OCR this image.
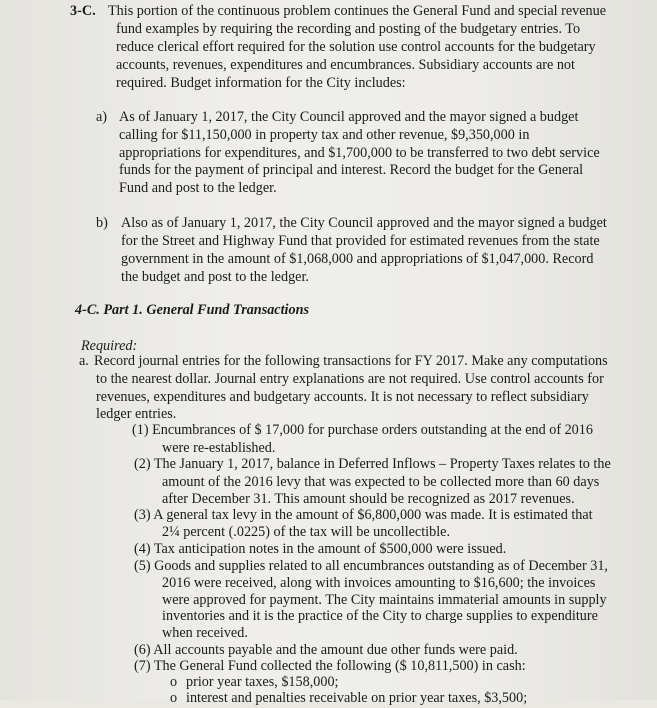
3-C. This portion of the continuous problem continues the General Fund and special revenue
fund examples by requiring the recording and posting of the budgetary entries. To
reduce clerical effort required for the solution use control accounts for the budgetary
accounts, revenues, expenditures and encumbrances. Subsidiary accounts are not
required. Budget information for the City includes:
a) As of January 1, 2017, the City Council approved and the mayor signed a budget
calling for $11,150,000 in property tax and other revenue, $9,350,000 in
appropriations for expenditures, and $1,700,000 to be transferred to two debt service
funds for the payment of principal and interest. Record the budget for the General
Fund and post to the ledger.
b) Also as of January 1, 2017, the City Council approved and the mayor signed a budget
for the Street and Highway Fund that provided for estimated revenues from the state
government in the amount of $1,068,000 and appropriations of $1,047,000. Record
the budget and post to the ledger.
4-C. Part 1. General Fund Transactions
Required:
a. Record journal entries for the following transactions for FY 2017. Make any computations
to the nearest dollar. Journal entry explanations are not required. Use control accounts for
revenues, expenditures and budgetary accounts. It is not necessary to reflect subsidiary
ledger entries.
(1) Encumbrances of $ 17,000 for purchase orders outstanding at the end of 2016
were re-established.
(2) The January 1, 2017, balance in Deferred Inflows – Property Taxes relates to the
amount of the 2016 levy that was expected to be collected more than 60 days
after December 31. This amount should be recognized as 2017 revenues.
(3) A general tax levy in the amount of $6,800,000 was made. It is estimated that
2¼ percent (.0225) of the tax will be uncollectible.
(4) Tax anticipation notes in the amount of $500,000 were issued.
(5) Goods and supplies related to all encumbrances outstanding as of December 31,
2016 were received, along with invoices amounting to $16,600; the invoices
were approved for payment. The City maintains immaterial amounts in supply
inventories and it is the practice of the City to charge supplies to expenditure
when received.
(6) All accounts payable and the amount due other funds were paid.
(7) The General Fund collected the following ($ 10,811,500) in cash:
o prior year taxes, $158,000;
o interest and penalties receivable on prior year taxes, $3,500;
